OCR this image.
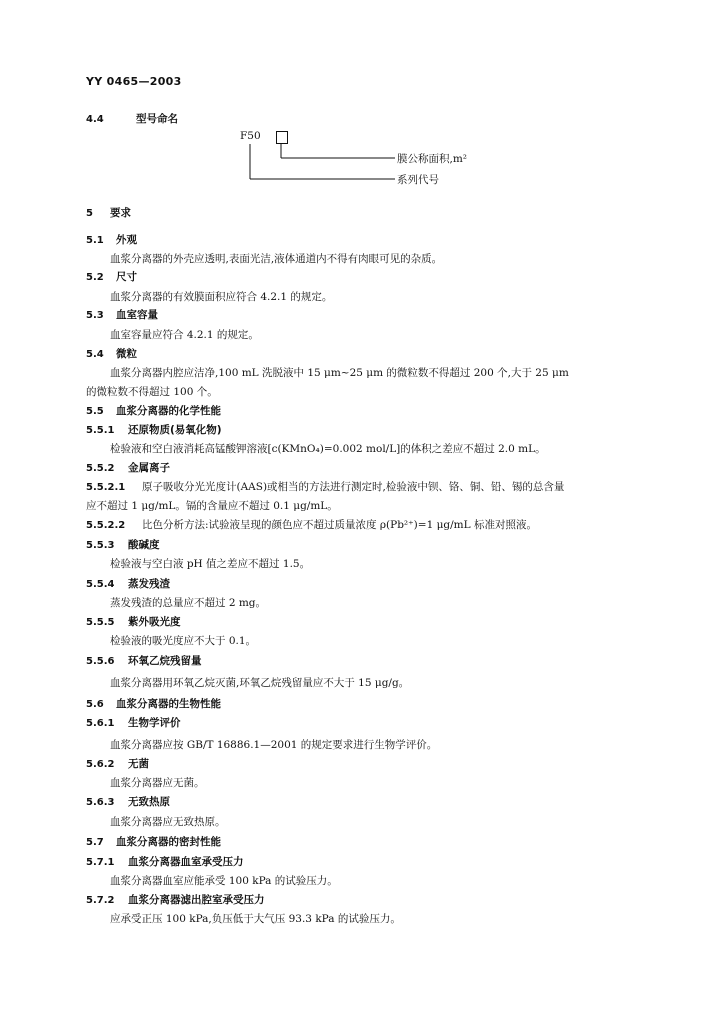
YY 0465—2003
4.4	型号命名
F50
膜公称面积,m²
系列代号
5 要求
5.1 外观
血浆分离器的外壳应透明,表面光洁,液体通道内不得有肉眼可见的杂质。
5.2 尺寸
血浆分离器的有效膜面积应符合 4.2.1 的规定。
5.3 血室容量
血室容量应符合 4.2.1 的规定。
5.4 微粒
血浆分离器内腔应洁净,100 mL 洗脱液中 15 μm~25 μm 的微粒数不得超过 200 个,大于 25 μm
的微粒数不得超过 100 个。
5.5 血浆分离器的化学性能
5.5.1 还原物质(易氧化物)
检验液和空白液消耗高锰酸钾溶液[c(KMnO₄)=0.002 mol/L]的体积之差应不超过 2.0 mL。
5.5.2 金属离子
5.5.2.1 原子吸收分光光度计(AAS)或相当的方法进行测定时,检验液中钡、铬、铜、铅、锡的总含量
应不超过 1 μg/mL。镉的含量应不超过 0.1 μg/mL。
5.5.2.2 比色分析方法:试验液呈现的颜色应不超过质量浓度 ρ(Pb²⁺)=1 μg/mL 标准对照液。
5.5.3 酸碱度
检验液与空白液 pH 值之差应不超过 1.5。
5.5.4 蒸发残渣
蒸发残渣的总量应不超过 2 mg。
5.5.5 紫外吸光度
检验液的吸光度应不大于 0.1。
5.5.6 环氧乙烷残留量
血浆分离器用环氧乙烷灭菌,环氧乙烷残留量应不大于 15 μg/g。
5.6 血浆分离器的生物性能
5.6.1 生物学评价
血浆分离器应按 GB/T 16886.1—2001 的规定要求进行生物学评价。
5.6.2 无菌
血浆分离器应无菌。
5.6.3 无致热原
血浆分离器应无致热原。
5.7 血浆分离器的密封性能
5.7.1 血浆分离器血室承受压力
血浆分离器血室应能承受 100 kPa 的试验压力。
5.7.2 血浆分离器滤出腔室承受压力
应承受正压 100 kPa,负压低于大气压 93.3 kPa 的试验压力。
